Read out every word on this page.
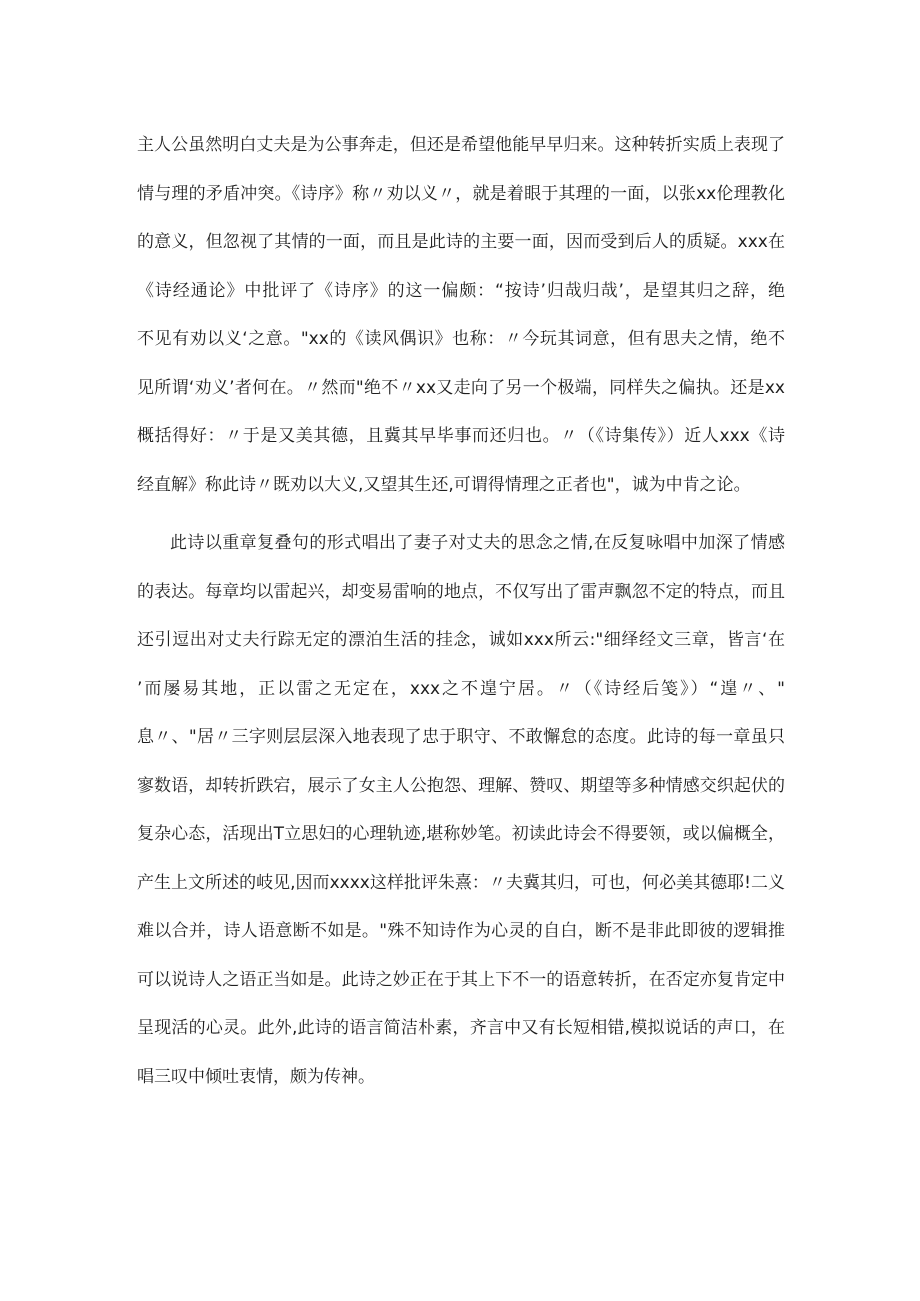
主人公虽然明白丈夫是为公事奔走，但还是希望他能早早归来。这种转折实质上表现了
情与理的矛盾冲突。《诗序》称〃劝以义〃，就是着眼于其理的一面，以张xx伦理教化
的意义，但忽视了其情的一面，而且是此诗的主要一面，因而受到后人的质疑。xxx在
《诗经通论》中批评了《诗序》的这一偏颇：“按诗’归哉归哉’，是望其归之辞，绝
不见有劝以义‘之意。"xx的《读风偶识》也称：〃今玩其词意，但有思夫之情，绝不
见所谓‘劝义’者何在。〃然而"绝不〃xx又走向了另一个极端，同样失之偏执。还是xx
概括得好：〃于是又美其德，且冀其早毕事而还归也。〃（《诗集传》）近人xxx《诗
经直解》称此诗〃既劝以大义,又望其生还,可谓得情理之正者也"，诚为中肯之论。
此诗以重章复叠句的形式唱出了妻子对丈夫的思念之情,在反复咏唱中加深了情感
的表达。每章均以雷起兴，却变易雷响的地点，不仅写出了雷声飘忽不定的特点，而且
还引逗出对丈夫行踪无定的漂泊生活的挂念，诚如xxx所云:"细绎经文三章，皆言‘在
’而屡易其地，正以雷之无定在，xxx之不遑宁居。〃（《诗经后笺》）“遑〃、"
息〃、"居〃三字则层层深入地表现了忠于职守、不敢懈怠的态度。此诗的每一章虽只
寥数语，却转折跌宕，展示了女主人公抱怨、理解、赞叹、期望等多种情感交织起伏的
复杂心态，活现出T立思妇的心理轨迹,堪称妙笔。初读此诗会不得要领，或以偏概全，
产生上文所述的岐见,因而xxxx这样批评朱熹：〃夫冀其归，可也，何必美其德耶!二义
难以合并，诗人语意断不如是。"殊不知诗作为心灵的自白，断不是非此即彼的逻辑推
可以说诗人之语正当如是。此诗之妙正在于其上下不一的语意转折，在否定亦复肯定中
呈现活的心灵。此外,此诗的语言简洁朴素，齐言中又有长短相错,模拟说话的声口，在
唱三叹中倾吐衷情，颇为传神。
